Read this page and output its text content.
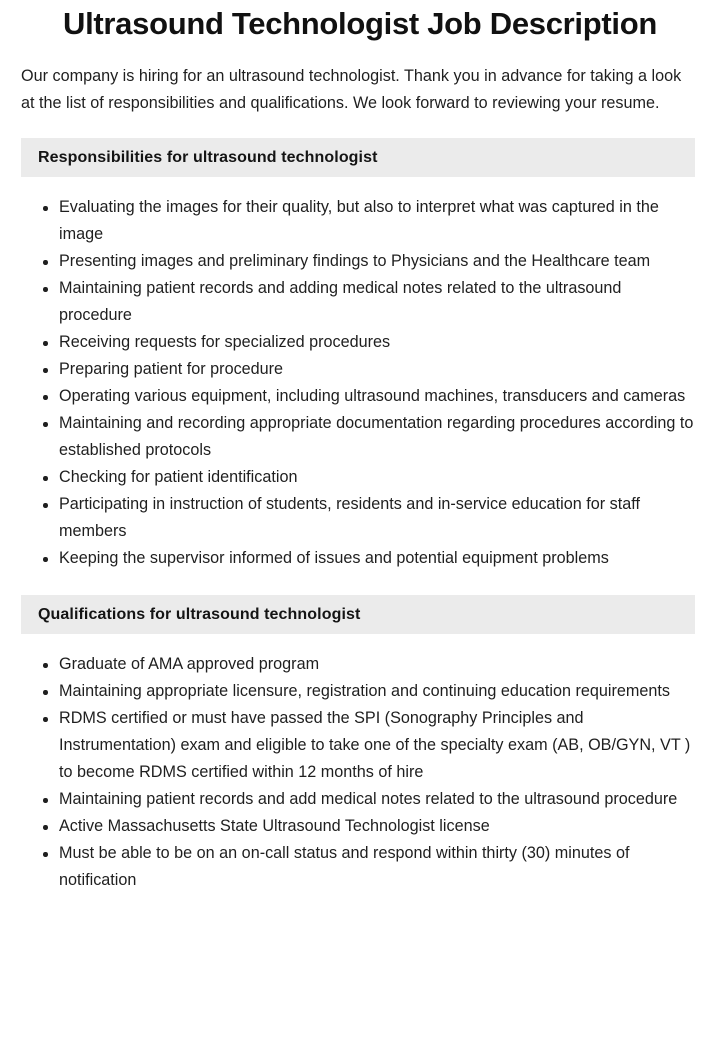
Ultrasound Technologist Job Description

Our company is hiring for an ultrasound technologist. Thank you in advance for taking a look at the list of responsibilities and qualifications. We look forward to reviewing your resume.

Responsibilities for ultrasound technologist
Evaluating the images for their quality, but also to interpret what was captured in the image
Presenting images and preliminary findings to Physicians and the Healthcare team
Maintaining patient records and adding medical notes related to the ultrasound procedure
Receiving requests for specialized procedures
Preparing patient for procedure
Operating various equipment, including ultrasound machines, transducers and cameras
Maintaining and recording appropriate documentation regarding procedures according to established protocols
Checking for patient identification
Participating in instruction of students, residents and in-service education for staff members
Keeping the supervisor informed of issues and potential equipment problems
Qualifications for ultrasound technologist
Graduate of AMA approved program
Maintaining appropriate licensure, registration and continuing education requirements
RDMS certified or must have passed the SPI (Sonography Principles and Instrumentation) exam and eligible to take one of the specialty exam (AB, OB/GYN, VT ) to become RDMS certified within 12 months of hire
Maintaining patient records and add medical notes related to the ultrasound procedure
Active Massachusetts State Ultrasound Technologist license
Must be able to be on an on-call status and respond within thirty (30) minutes of notification
